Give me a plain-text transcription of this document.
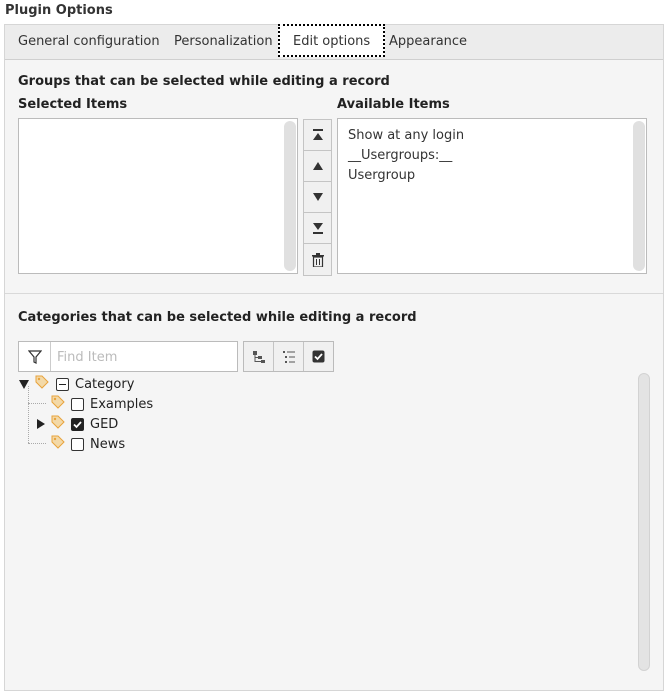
Plugin Options
General configuration	Personalization	Edit options	Appearance
Groups that can be selected while editing a record
Selected Items	Available Items
Show at any login
__Usergroups:__
Usergroup
Categories that can be selected while editing a record
Find Item
Category
Examples
GED
News
